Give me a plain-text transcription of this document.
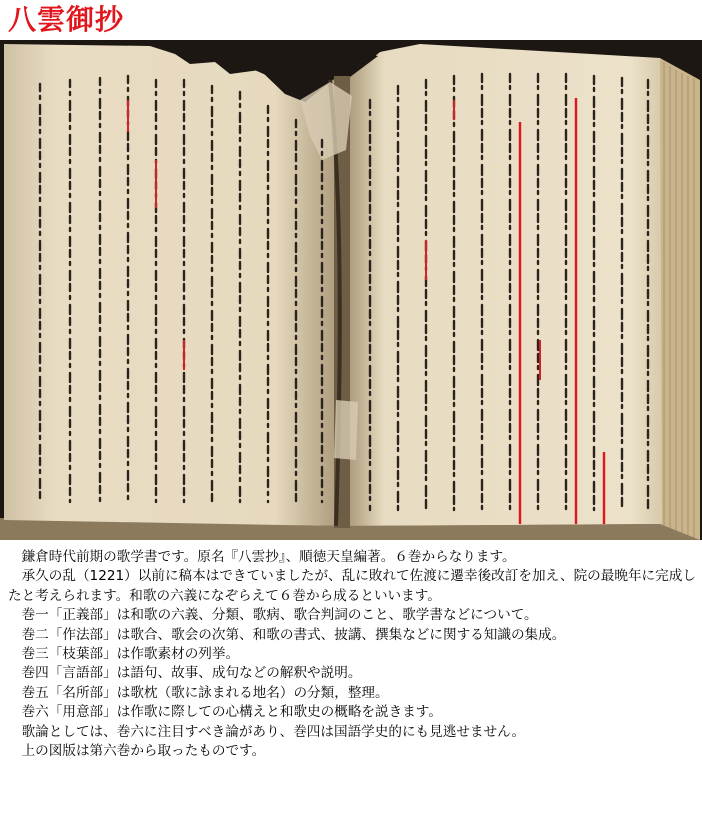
八雲御抄

鎌倉時代前期の歌学書です。原名『八雲抄』、順徳天皇編著。６巻からなります。

承久の乱（1221）以前に稿本はできていましたが、乱に敗れて佐渡に遷幸後改訂を加え、院の最晩年に完成したと考えられます。和歌の六義になぞらえて６巻から成るといいます。

巻一「正義部」は和歌の六義、分類、歌病、歌合判詞のこと、歌学書などについて。

巻二「作法部」は歌合、歌会の次第、和歌の書式、披講、撰集などに関する知識の集成。

巻三「枝葉部」は作歌素材の列挙。

巻四「言語部」は語句、故事、成句などの解釈や説明。

巻五「名所部」は歌枕（歌に詠まれる地名）の分類，整理。

巻六「用意部」は作歌に際しての心構えと和歌史の概略を説きます。

歌論としては、巻六に注目すべき論があり、巻四は国語学史的にも見逃せません。

上の図版は第六巻から取ったものです。
